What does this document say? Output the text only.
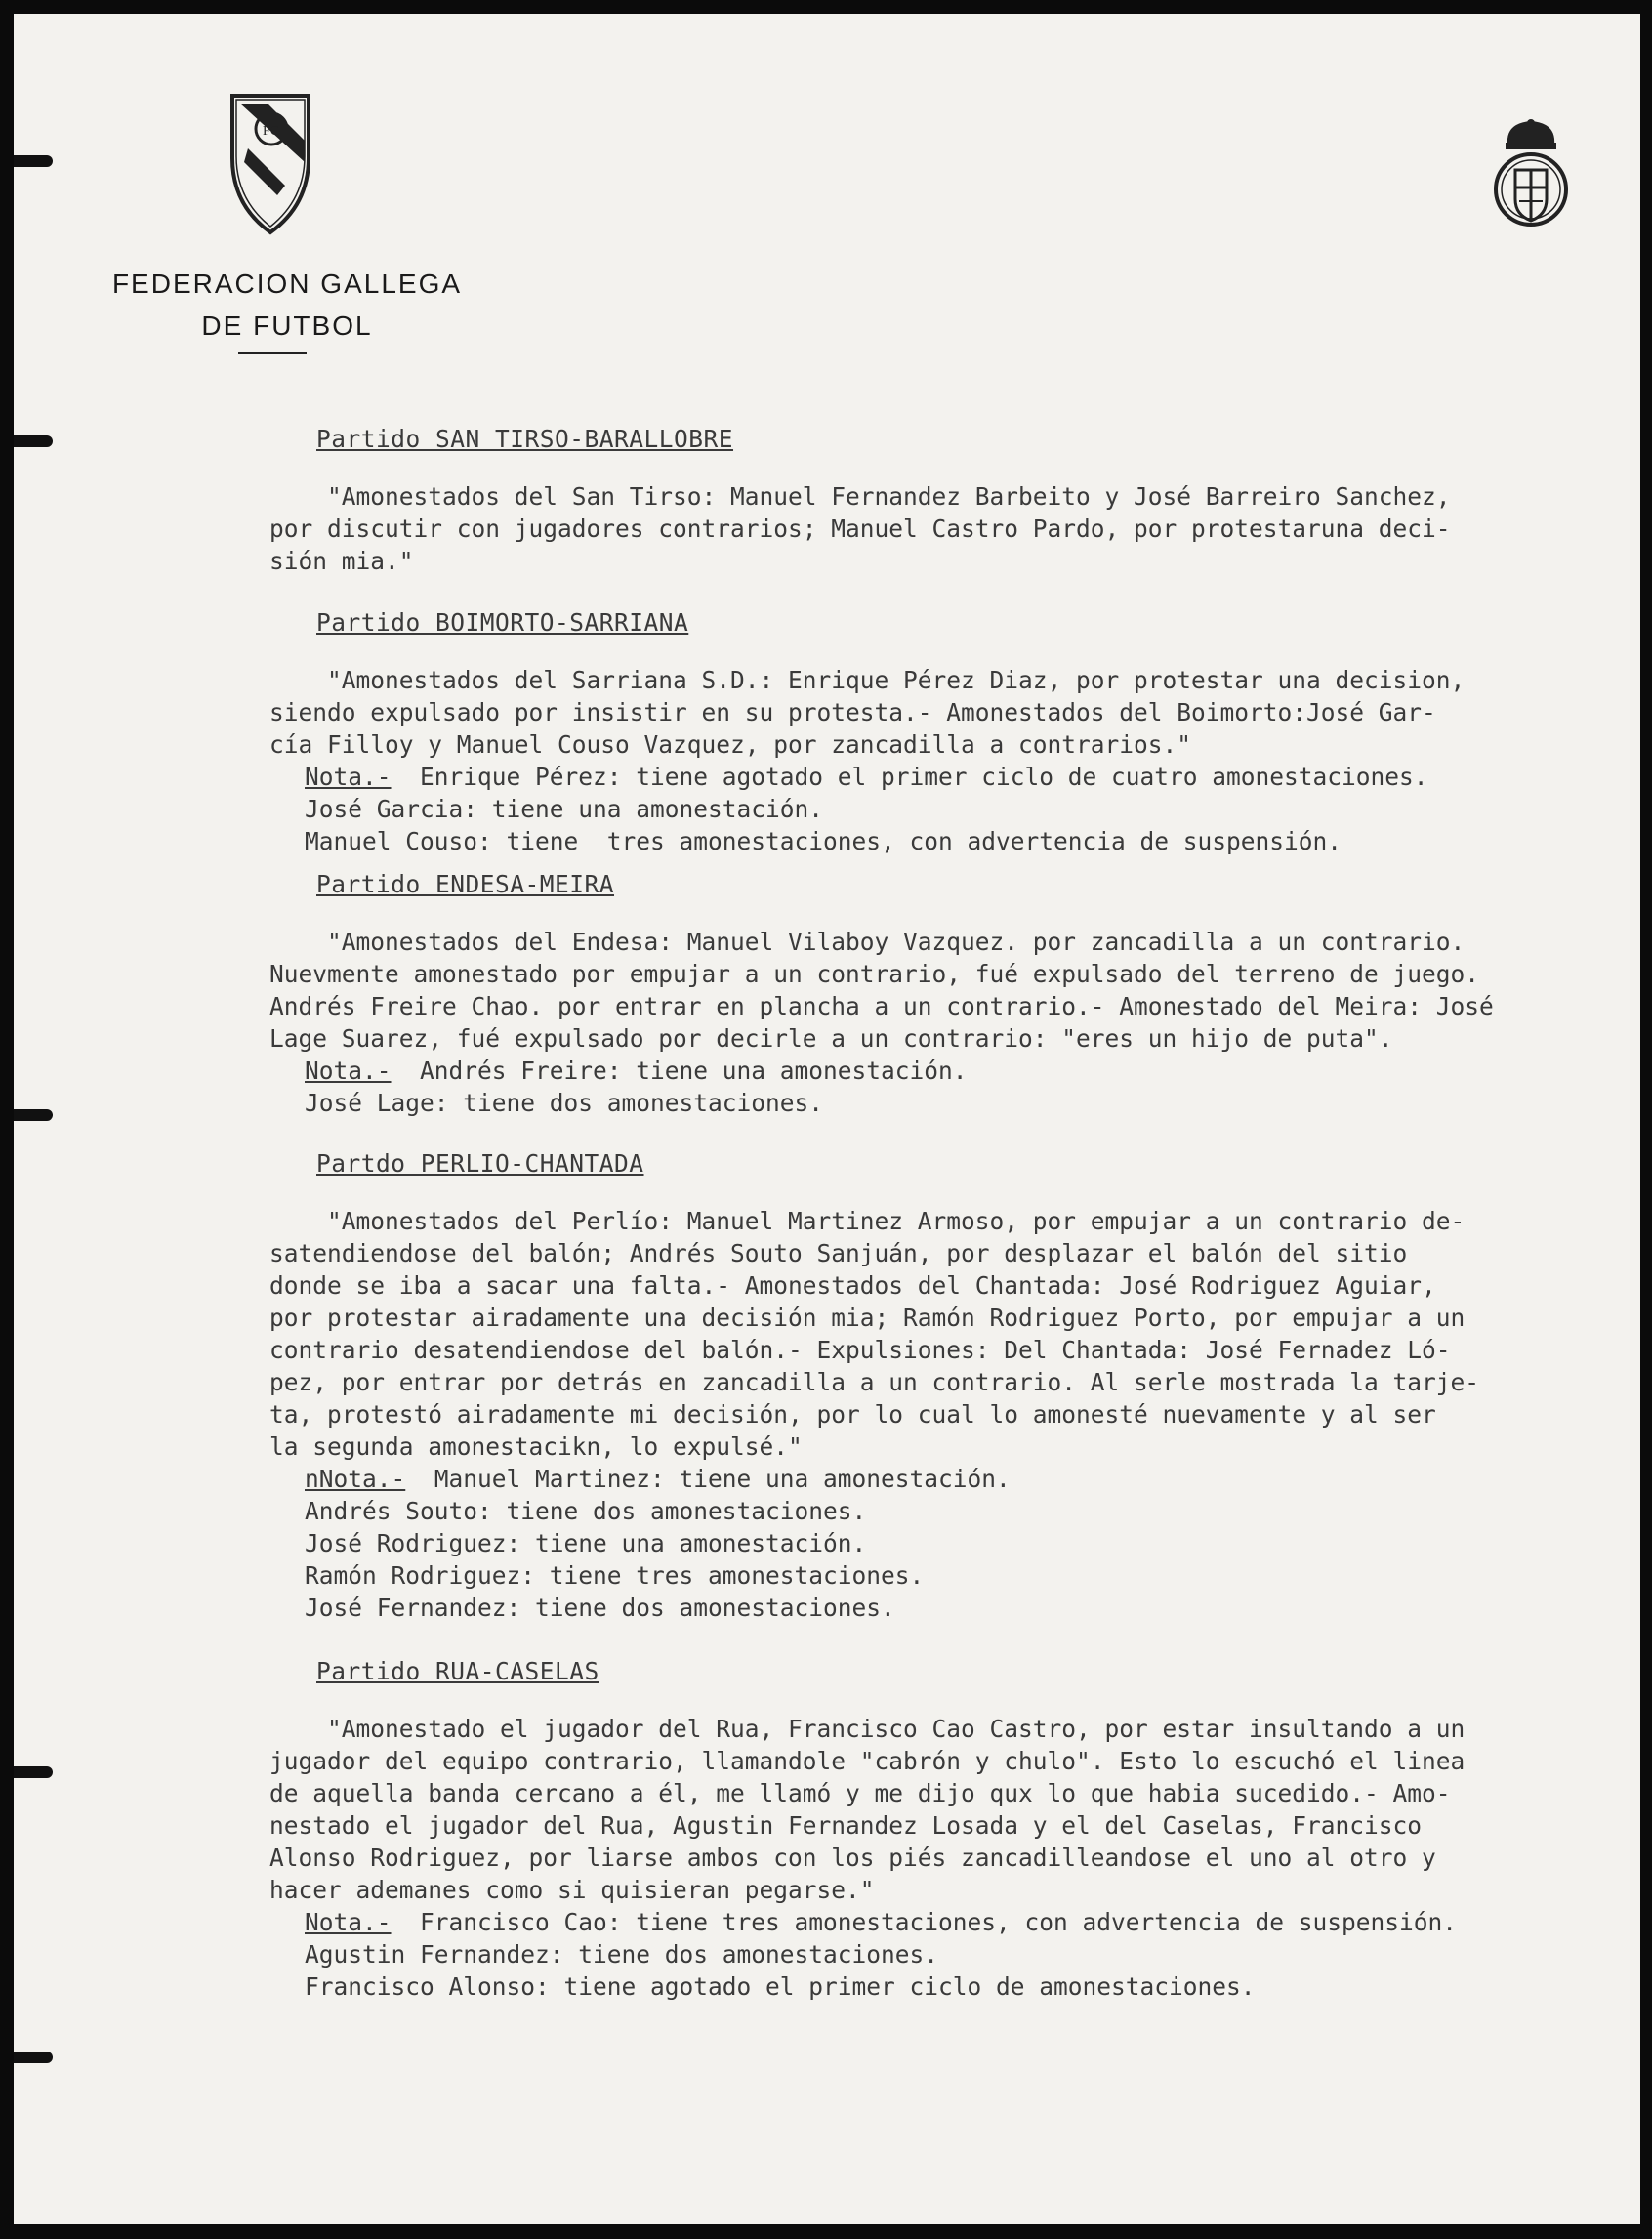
FG
FEDERACION GALLEGA
DE FUTBOL
Partido SAN TIRSO-BARALLOBRE
"Amonestados del San Tirso: Manuel Fernandez Barbeito y José Barreiro Sanchez,
por discutir con jugadores contrarios; Manuel Castro Pardo, por protestaruna deci-
sión mia."
Partido BOIMORTO-SARRIANA
"Amonestados del Sarriana S.D.: Enrique Pérez Diaz, por protestar una decision,
siendo expulsado por insistir en su protesta.- Amonestados del Boimorto:José Gar-
cía Filloy y Manuel Couso Vazquez, por zancadilla a contrarios."
Nota.-  Enrique Pérez: tiene agotado el primer ciclo de cuatro amonestaciones.
José Garcia: tiene una amonestación.
Manuel Couso: tiene  tres amonestaciones, con advertencia de suspensión.
Partido ENDESA-MEIRA
"Amonestados del Endesa: Manuel Vilaboy Vazquez. por zancadilla a un contrario.
Nuevmente amonestado por empujar a un contrario, fué expulsado del terreno de juego.
Andrés Freire Chao. por entrar en plancha a un contrario.- Amonestado del Meira: José
Lage Suarez, fué expulsado por decirle a un contrario: "eres un hijo de puta".
Nota.-  Andrés Freire: tiene una amonestación.
José Lage: tiene dos amonestaciones.
Partdo PERLIO-CHANTADA
"Amonestados del Perlío: Manuel Martinez Armoso, por empujar a un contrario de-
satendiendose del balón; Andrés Souto Sanjuán, por desplazar el balón del sitio
donde se iba a sacar una falta.- Amonestados del Chantada: José Rodriguez Aguiar,
por protestar airadamente una decisión mia; Ramón Rodriguez Porto, por empujar a un
contrario desatendiendose del balón.- Expulsiones: Del Chantada: José Fernadez Ló-
pez, por entrar por detrás en zancadilla a un contrario. Al serle mostrada la tarje-
ta, protestó airadamente mi decisión, por lo cual lo amonesté nuevamente y al ser
la segunda amonestacikn, lo expulsé."
nNota.-  Manuel Martinez: tiene una amonestación.
Andrés Souto: tiene dos amonestaciones.
José Rodriguez: tiene una amonestación.
Ramón Rodriguez: tiene tres amonestaciones.
José Fernandez: tiene dos amonestaciones.
Partido RUA-CASELAS
"Amonestado el jugador del Rua, Francisco Cao Castro, por estar insultando a un
jugador del equipo contrario, llamandole "cabrón y chulo". Esto lo escuchó el linea
de aquella banda cercano a él, me llamó y me dijo qux lo que habia sucedido.- Amo-
nestado el jugador del Rua, Agustin Fernandez Losada y el del Caselas, Francisco
Alonso Rodriguez, por liarse ambos con los piés zancadilleandose el uno al otro y
hacer ademanes como si quisieran pegarse."
Nota.-  Francisco Cao: tiene tres amonestaciones, con advertencia de suspensión.
Agustin Fernandez: tiene dos amonestaciones.
Francisco Alonso: tiene agotado el primer ciclo de amonestaciones.
